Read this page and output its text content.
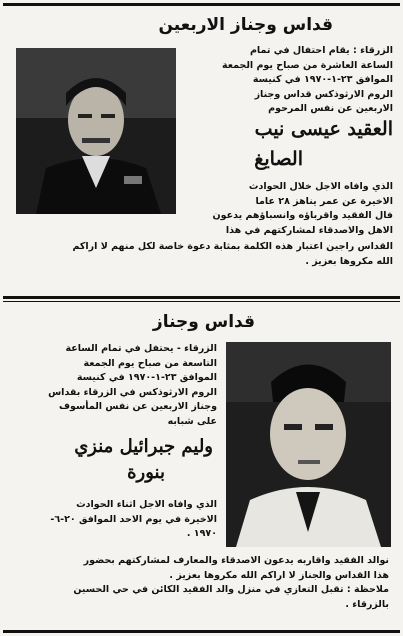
قداس وجناز الاربعين
الزرقاء : يقام احتفال في تمام
الساعة العاشرة من صباح يوم الجمعة
الموافق ٢٣-١-١٩٧٠ في كنيسة
الروم الارثوذكس قداس وجناز
الاربعين عن نفس المرحوم
العقيد عيسى نيب
الصايغ
الذي وافاه الاجل خلال الحوادث
الاخيرة عن عمر يناهز ٢٨ عاما
فال الفقيد واقرباؤه وانسباؤهم يدعون
الاهل والاصدقاء لمشاركتهم في هذا
القداس راجين اعتبار هذه الكلمة بمثابة دعوة خاصة لكل منهم لا اراكم
الله مكروها بعزيز .
قداس وجناز
الزرقاء - يحتفل في تمام الساعة
التاسعة من صباح يوم الجمعة
الموافق ٢٣-١-١٩٧٠ في كنيسة
الروم الارثوذكس في الزرقاء بقداس
وجناز الاربعين عن نفس المأسوف
على شبابه
وليم جبرائيل منزي
بنورة
الذي وافاه الاجل اثناء الحوادث
الاخيرة في يوم الاحد الموافق ٢٠-٦-
١٩٧٠ .
نوالد الفقيد واقاربه يدعون الاصدقاء والمعارف لمشاركتهم بحضور
هذا القداس والجناز لا اراكم الله مكروها بعزيز .
ملاحظة : تقبل التعازي في منزل والد الفقيد الكائن في حي الحسين
بالزرقاء .
